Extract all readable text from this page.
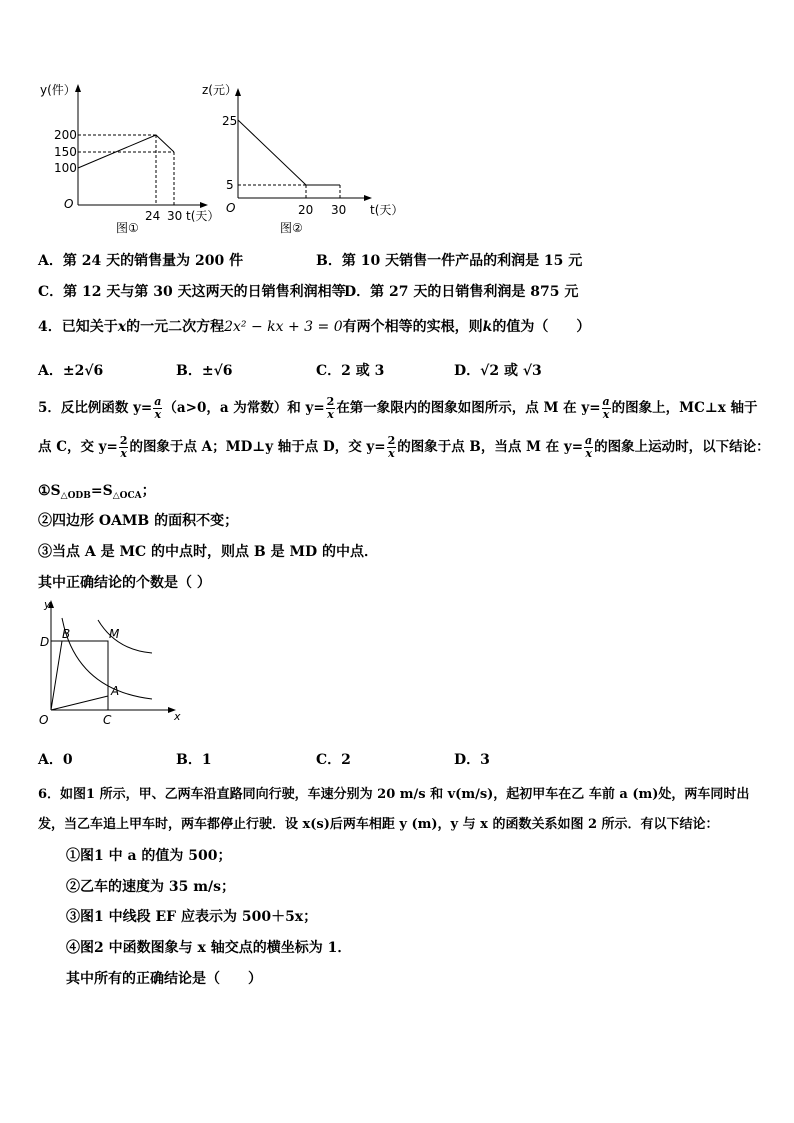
y(件）
200
150
100
O
24 30 t(天）
图①
z(元）
25
5
O	20 30 t(天）
图②
A．第 24 天的销售量为 200 件	B．第 10 天销售一件产品的利润是 15 元
C．第 12 天与第 30 天这两天的日销售利润相等
D．第 27 天的日销售利润是 875 元
4．已知关于x的一元二次方程2x² − kx + 3 = 0有两个相等的实根，则k的值为（　　）
A．±2√6	B．±√6	C．2 或 3	D．√2 或 √3
5．反比例函数 $y= \frac{a}{x} (a>0$，a 为常数）和 $y= \frac{2}{x}$ 在第一象限内的图象如图所示，点 M 在 $y= \frac{a}{x}$ 的图象上，MC⊥x 轴于
点 C，交 $y= \frac{2}{x}$ 的图象于点 A；MD⊥y 轴于点 D，交 $y= \frac{2}{x}$ 的图象于点 B，当点 M 在 $y= \frac{a}{x}$ 的图象上运动时，以下结论：
$①S_{\triangle ODB}=S_{\triangle OCA}$；
②四边形 OAMB 的面积不变；
③当点 A 是 MC 的中点时，则点 B 是 MD 的中点．
其中正确结论的个数是（ ）
y
x
D
B	M
A
O	C
A．0	B．1	C．2	D．3
6．如图1 所示，甲、乙两车沿直路同向行驶，车速分别为 20 m/s 和 v(m/s)，起初甲车在乙 车前 a (m)处，两车同时出
发，当乙车追上甲车时，两车都停止行驶．设 x(s)后两车相距 y (m)，y 与 x 的函数关系如图 2 所示．有以下结论：
①图1 中 a 的值为 500；
②乙车的速度为 35 m/s；
③图1 中线段 EF 应表示为 500＋5x；
④图2 中函数图象与 x 轴交点的横坐标为 1．
其中所有的正确结论是（　　）
